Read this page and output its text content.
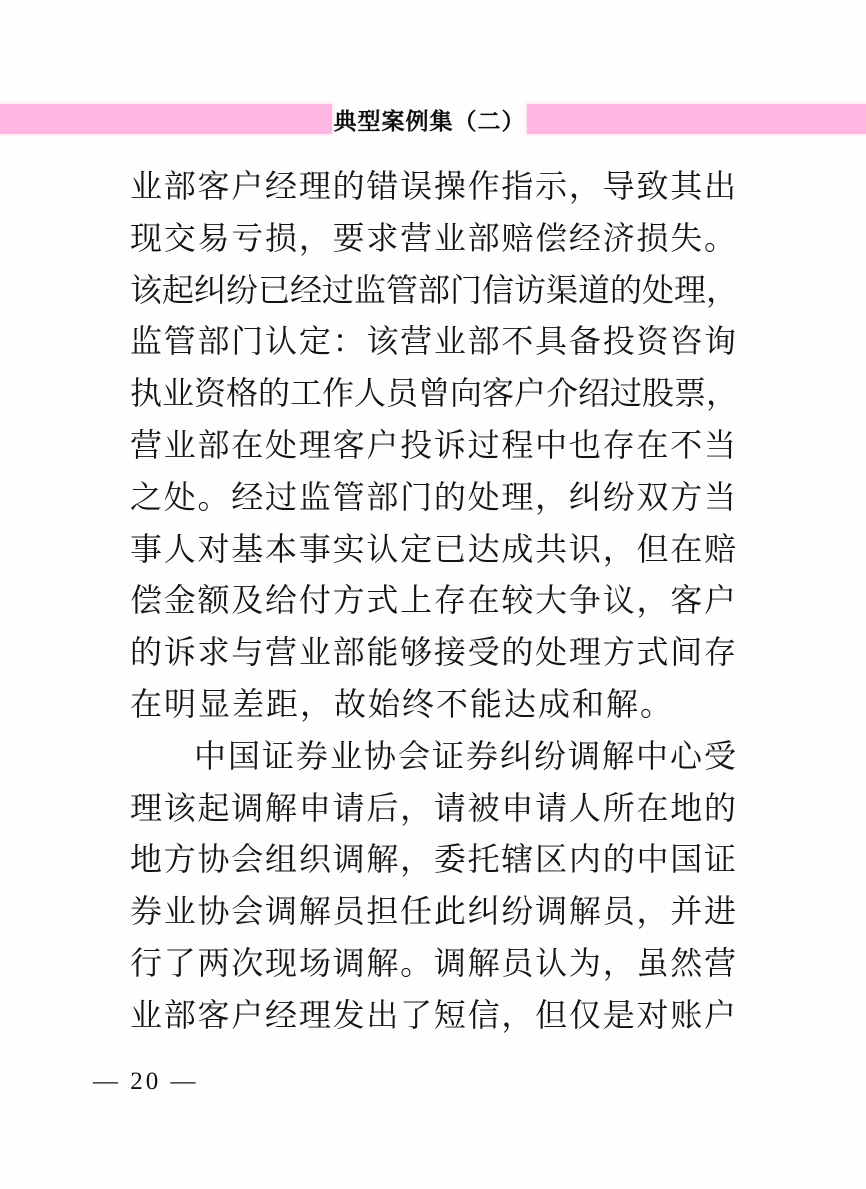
典型案例集（二）
业部客户经理的错误操作指示，导致其出
现交易亏损，要求营业部赔偿经济损失。
该起纠纷已经过监管部门信访渠道的处理，
监管部门认定：该营业部不具备投资咨询
执业资格的工作人员曾向客户介绍过股票，
营业部在处理客户投诉过程中也存在不当
之处。经过监管部门的处理，纠纷双方当
事人对基本事实认定已达成共识，但在赔
偿金额及给付方式上存在较大争议，客户
的诉求与营业部能够接受的处理方式间存
在明显差距，故始终不能达成和解。
中国证券业协会证券纠纷调解中心受
理该起调解申请后，请被申请人所在地的
地方协会组织调解，委托辖区内的中国证
券业协会调解员担任此纠纷调解员，并进
行了两次现场调解。调解员认为，虽然营
业部客户经理发出了短信，但仅是对账户
— 20 —
